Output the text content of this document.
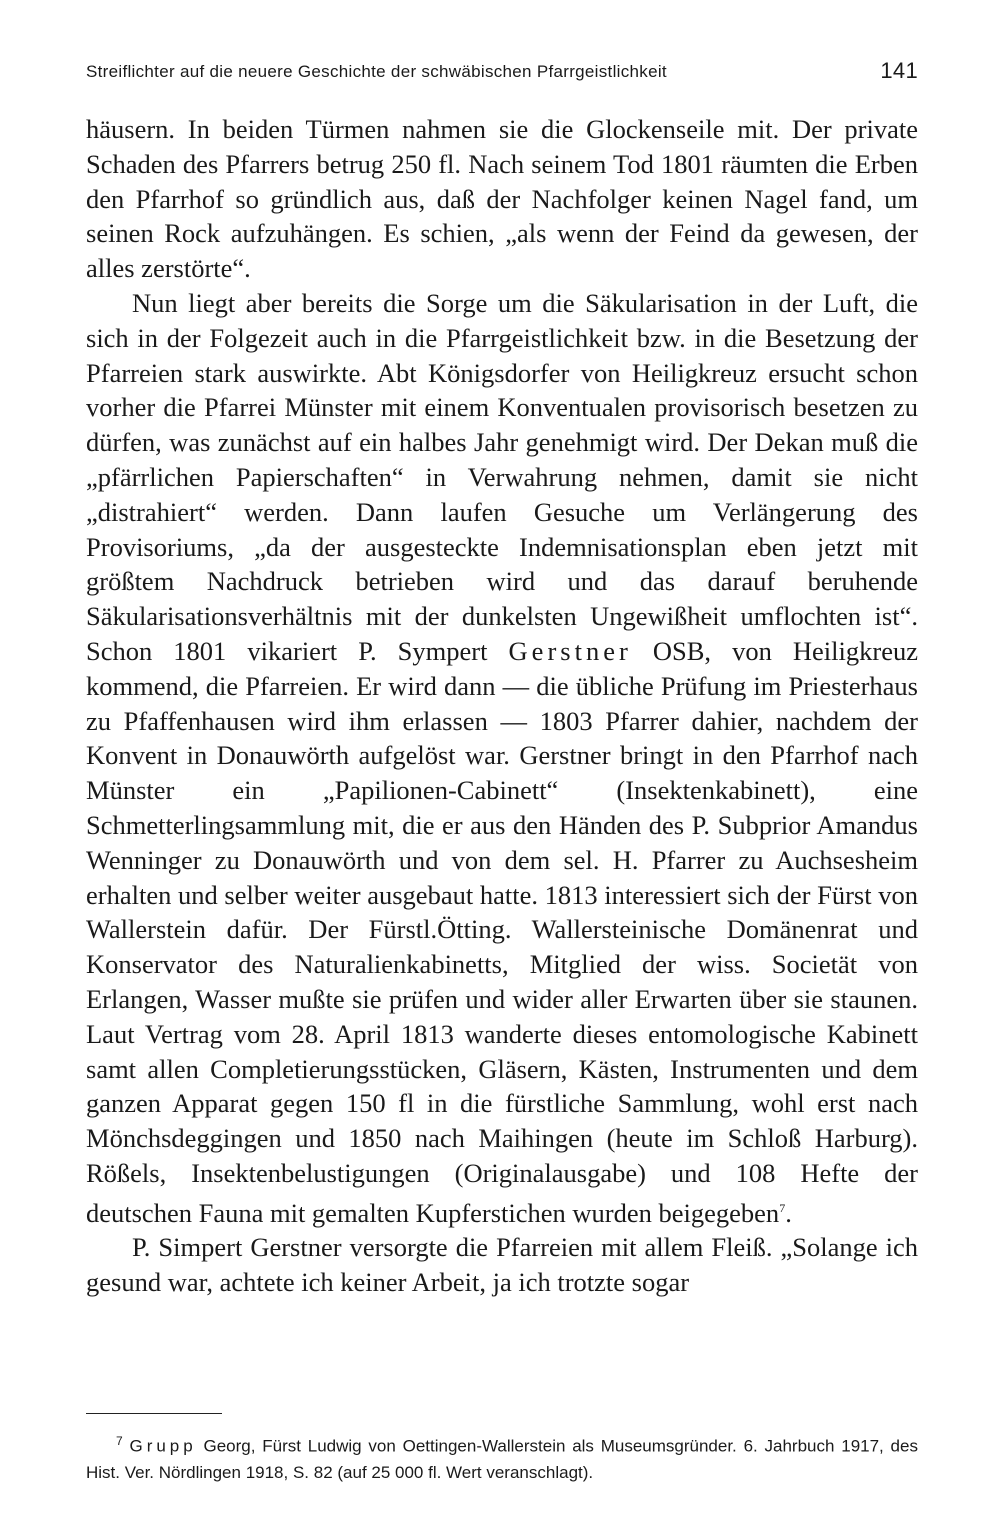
Streiflichter auf die neuere Geschichte der schwäbischen Pfarrgeistlichkeit	141

häusern. In beiden Türmen nahmen sie die Glockenseile mit. Der private Schaden des Pfarrers betrug 250 fl. Nach seinem Tod 1801 räumten die Erben den Pfarrhof so gründlich aus, daß der Nachfolger keinen Nagel fand, um seinen Rock aufzuhängen. Es schien, „als wenn der Feind da gewesen, der alles zerstörte“.

Nun liegt aber bereits die Sorge um die Säkularisation in der Luft, die sich in der Folgezeit auch in die Pfarrgeistlichkeit bzw. in die Besetzung der Pfarreien stark auswirkte. Abt Königsdorfer von Heiligkreuz ersucht schon vorher die Pfarrei Münster mit einem Konventualen provisorisch besetzen zu dürfen, was zunächst auf ein halbes Jahr genehmigt wird. Der Dekan muß die „pfärrlichen Papierschaften“ in Verwahrung nehmen, damit sie nicht „distrahiert“ werden. Dann laufen Gesuche um Verlängerung des Provisoriums, „da der ausgesteckte Indemnisationsplan eben jetzt mit größtem Nachdruck betrieben wird und das darauf beruhende Säkularisationsverhältnis mit der dunkelsten Ungewißheit umflochten ist“. Schon 1801 vikariert P. Sympert Gerstner OSB, von Heiligkreuz kommend, die Pfarreien. Er wird dann — die übliche Prüfung im Priesterhaus zu Pfaffenhausen wird ihm erlassen — 1803 Pfarrer dahier, nachdem der Konvent in Donauwörth aufgelöst war. Gerstner bringt in den Pfarrhof nach Münster ein „Papilionen-Cabinett“ (Insektenkabinett), eine Schmetterlingsammlung mit, die er aus den Händen des P. Subprior Amandus Wenninger zu Donauwörth und von dem sel. H. Pfarrer zu Auchsesheim erhalten und selber weiter ausgebaut hatte. 1813 interessiert sich der Fürst von Wallerstein dafür. Der Fürstl.Ötting. Wallersteinische Domänenrat und Konservator des Naturalienkabinetts, Mitglied der wiss. Societät von Erlangen, Wasser mußte sie prüfen und wider aller Erwarten über sie staunen. Laut Vertrag vom 28. April 1813 wanderte dieses entomologische Kabinett samt allen Completierungsstücken, Gläsern, Kästen, Instrumenten und dem ganzen Apparat gegen 150 fl in die fürstliche Sammlung, wohl erst nach Mönchsdeggingen und 1850 nach Maihingen (heute im Schloß Harburg). Rößels, Insektenbelustigungen (Originalausgabe) und 108 Hefte der deutschen Fauna mit gemalten Kupferstichen wurden beigegeben$^7$.

P. Simpert Gerstner versorgte die Pfarreien mit allem Fleiß. „Solange ich gesund war, achtete ich keiner Arbeit, ja ich trotzte sogar

$^7$ Grupp Georg, Fürst Ludwig von Oettingen-Wallerstein als Museumsgründer. 6. Jahrbuch 1917, des Hist. Ver. Nördlingen 1918, S. 82 (auf 25 000 fl. Wert veranschlagt).
